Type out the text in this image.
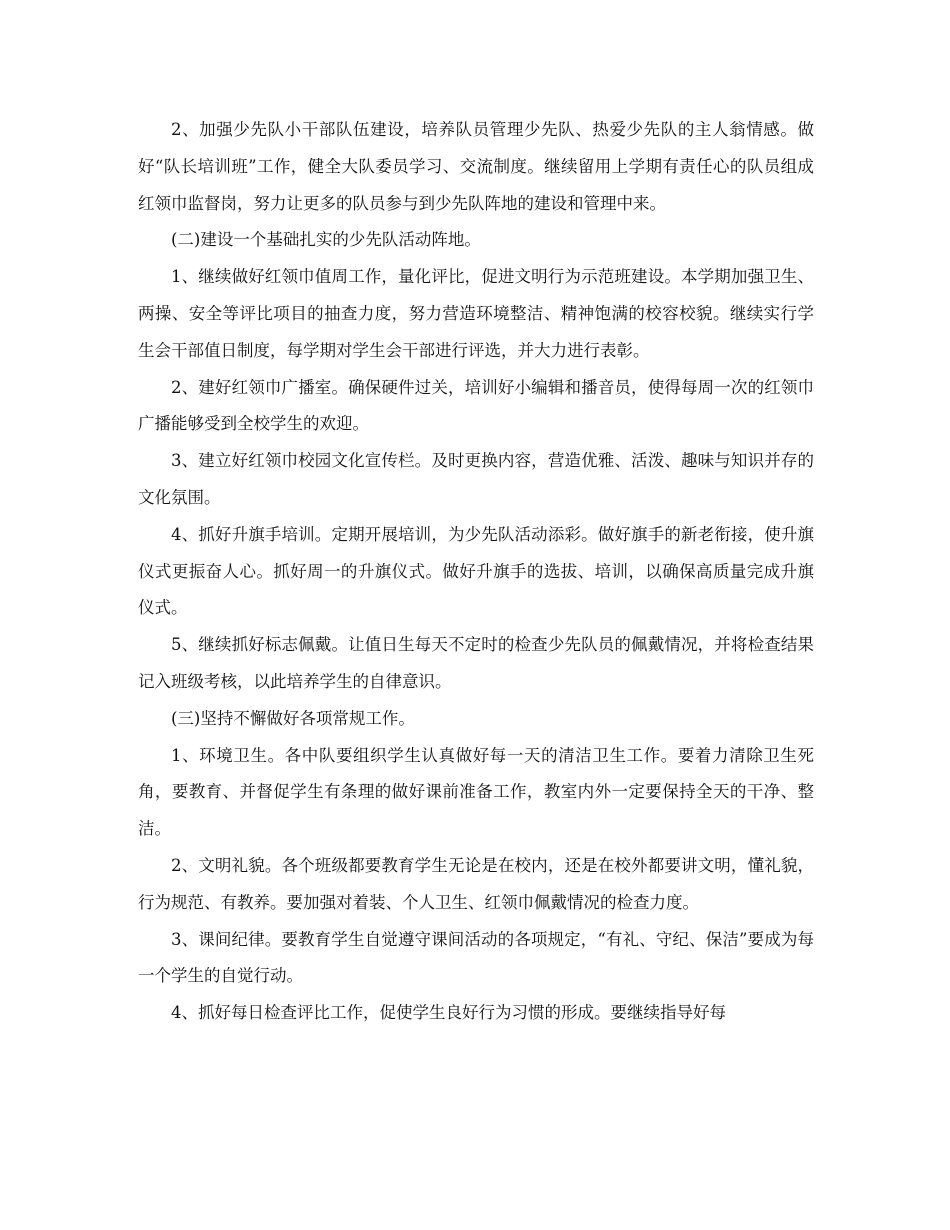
2、加强少先队小干部队伍建设，培养队员管理少先队、热爱少先队的主人翁情感。做好“队长培训班”工作，健全大队委员学习、交流制度。继续留用上学期有责任心的队员组成红领巾监督岗，努力让更多的队员参与到少先队阵地的建设和管理中来。

(二)建设一个基础扎实的少先队活动阵地。

1、继续做好红领巾值周工作，量化评比，促进文明行为示范班建设。本学期加强卫生、两操、安全等评比项目的抽查力度，努力营造环境整洁、精神饱满的校容校貌。继续实行学生会干部值日制度，每学期对学生会干部进行评选，并大力进行表彰。

2、建好红领巾广播室。确保硬件过关，培训好小编辑和播音员，使得每周一次的红领巾广播能够受到全校学生的欢迎。

3、建立好红领巾校园文化宣传栏。及时更换内容，营造优雅、活泼、趣味与知识并存的文化氛围。

4、抓好升旗手培训。定期开展培训，为少先队活动添彩。做好旗手的新老衔接，使升旗仪式更振奋人心。抓好周一的升旗仪式。做好升旗手的选拔、培训，以确保高质量完成升旗仪式。

5、继续抓好标志佩戴。让值日生每天不定时的检查少先队员的佩戴情况，并将检查结果记入班级考核，以此培养学生的自律意识。

(三)坚持不懈做好各项常规工作。

1、环境卫生。各中队要组织学生认真做好每一天的清洁卫生工作。要着力清除卫生死角，要教育、并督促学生有条理的做好课前准备工作，教室内外一定要保持全天的干净、整洁。

2、文明礼貌。各个班级都要教育学生无论是在校内，还是在校外都要讲文明，懂礼貌，行为规范、有教养。要加强对着装、个人卫生、红领巾佩戴情况的检查力度。

3、课间纪律。要教育学生自觉遵守课间活动的各项规定，“有礼、守纪、保洁”要成为每一个学生的自觉行动。

4、抓好每日检查评比工作，促使学生良好行为习惯的形成。要继续指导好每
